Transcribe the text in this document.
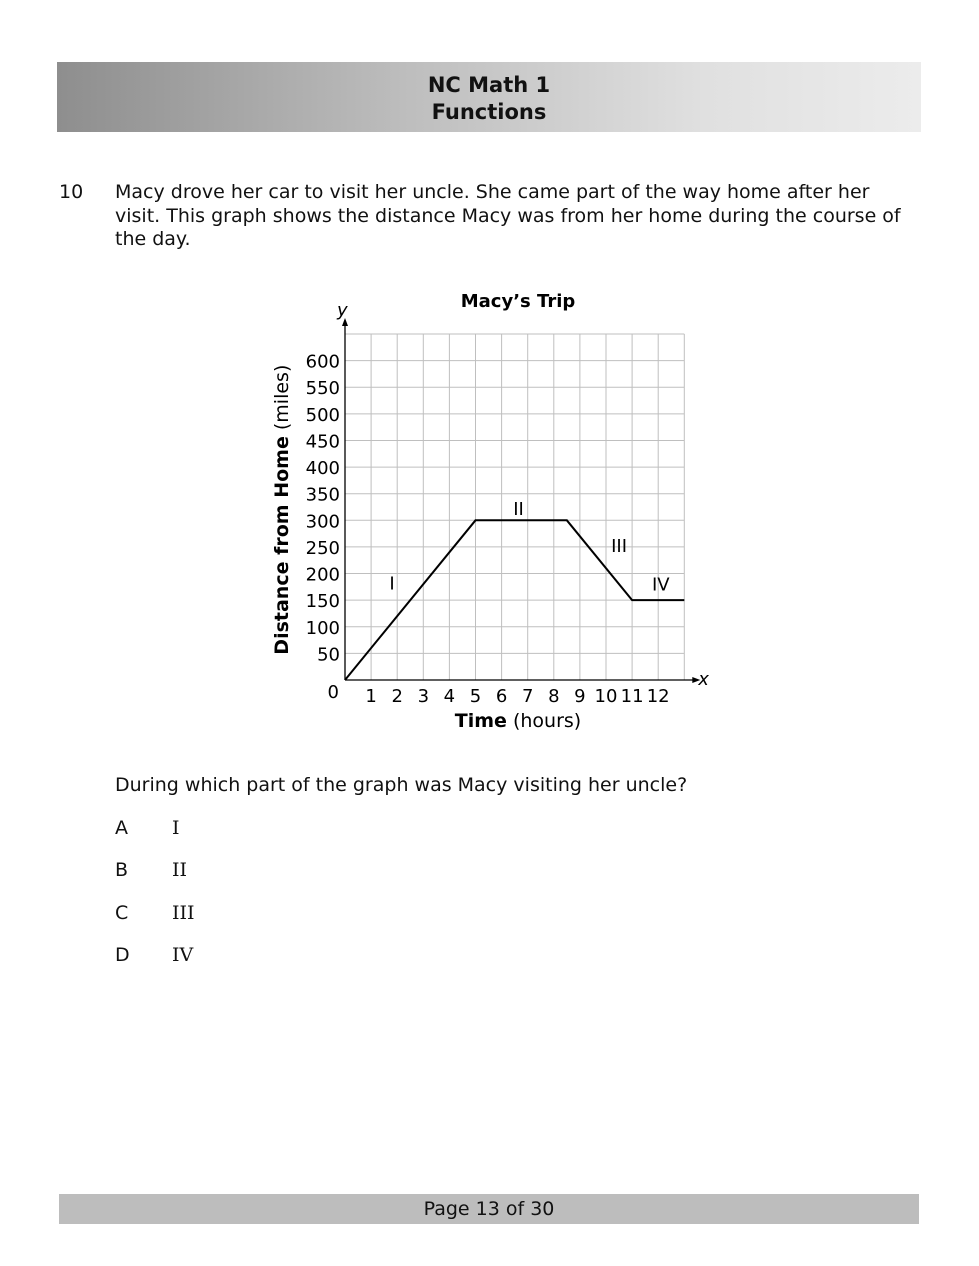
NC Math 1
Functions
10 Macy drove her car to visit her uncle. She came part of the way home after her visit. This graph shows the distance Macy was from her home during the course of the day.
x
y	Macy’s Trip
1 2 3 4 5 6 7 8 9 10 11 12
50
100
150
200
250
300
350
400
450
500
550
600
0
Time (hours)
Distance from Home (miles)
I
II
III
IV
During which part of the graph was Macy visiting her uncle?
A I
B II
C III
D IV
Page 13 of 30
